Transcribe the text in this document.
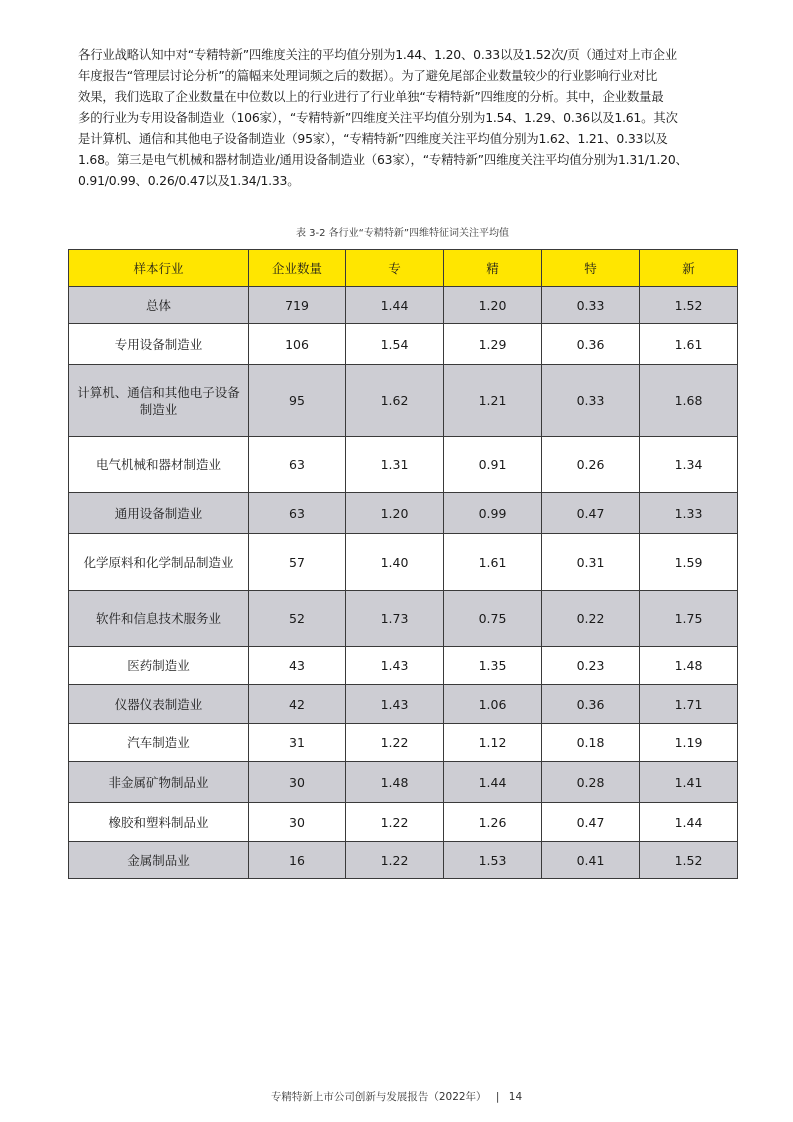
各行业战略认知中对“专精特新”四维度关注的平均值分别为1.44、1.20、0.33以及1.52次/页（通过对上市企业

年度报告“管理层讨论分析”的篇幅来处理词频之后的数据）。为了避免尾部企业数量较少的行业影响行业对比

效果，我们选取了企业数量在中位数以上的行业进行了行业单独“专精特新”四维度的分析。其中，企业数量最

多的行业为专用设备制造业（106家），“专精特新”四维度关注平均值分别为1.54、1.29、0.36以及1.61。其次

是计算机、通信和其他电子设备制造业（95家），“专精特新”四维度关注平均值分别为1.62、1.21、0.33以及

1.68。第三是电气机械和器材制造业/通用设备制造业（63家），“专精特新”四维度关注平均值分别为1.31/1.20、

0.91/0.99、0.26/0.47以及1.34/1.33。

表 3-2 各行业“专精特新”四维特征词关注平均值
样本行业	企业数量	专	精	特	新
总体	719	1.44	1.20	0.33	1.52
专用设备制造业	106	1.54	1.29	0.36	1.61
计算机、通信和其他电子设备制造业	95	1.62	1.21	0.33	1.68
电气机械和器材制造业	63	1.31	0.91	0.26	1.34
通用设备制造业	63	1.20	0.99	0.47	1.33
化学原料和化学制品制造业	57	1.40	1.61	0.31	1.59
软件和信息技术服务业	52	1.73	0.75	0.22	1.75
医药制造业	43	1.43	1.35	0.23	1.48
仪器仪表制造业	42	1.43	1.06	0.36	1.71
汽车制造业	31	1.22	1.12	0.18	1.19
非金属矿物制品业	30	1.48	1.44	0.28	1.41
橡胶和塑料制品业	30	1.22	1.26	0.47	1.44
金属制品业	16	1.22	1.53	0.41	1.52
专精特新上市公司创新与发展报告（2022年） | 14
